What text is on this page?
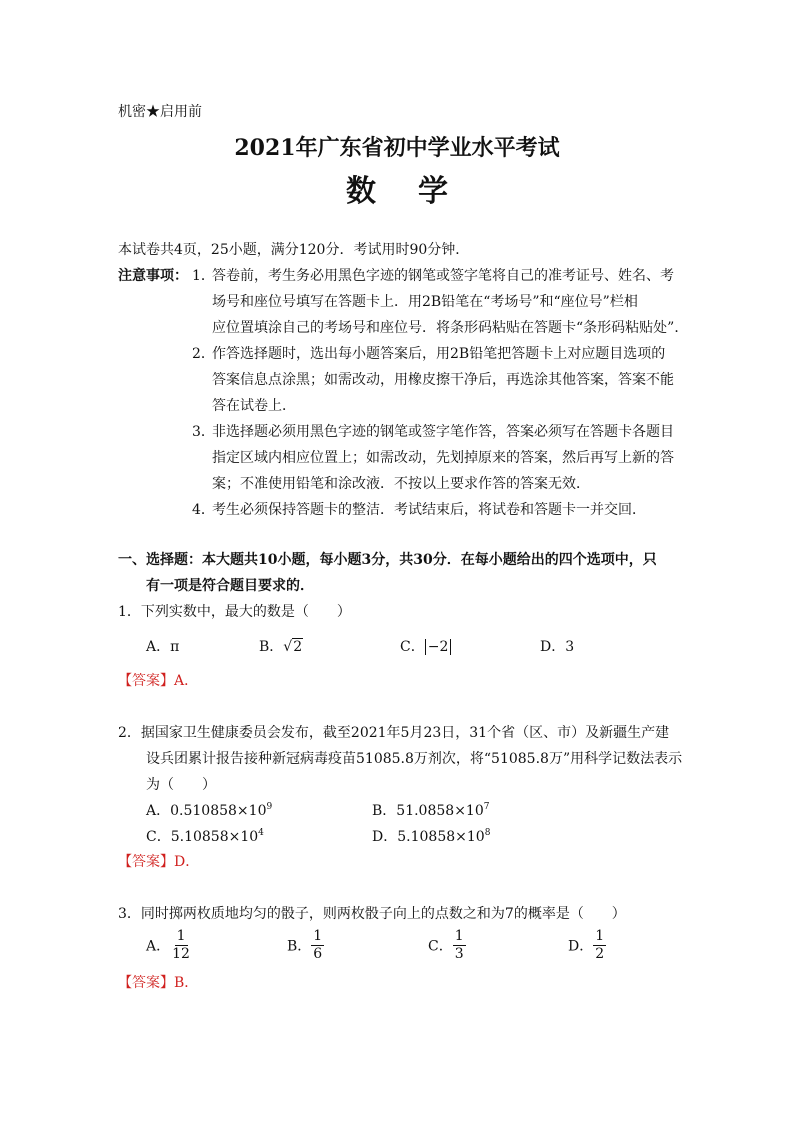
机密★启用前
2021年广东省初中学业水平考试
数学
本试卷共4页，25小题，满分120分．考试用时90分钟．
注意事项： 1．
答卷前，考生务必用黑色字迹的钢笔或签字笔将自己的准考证号、姓名、考
场号和座位号填写在答题卡上．用2B铅笔在“考场号”和“座位号”栏相
应位置填涂自己的考场号和座位号．将条形码粘贴在答题卡“条形码粘贴处”．
2．
作答选择题时，选出每小题答案后，用2B铅笔把答题卡上对应题目选项的
答案信息点涂黑；如需改动，用橡皮擦干净后，再选涂其他答案，答案不能
答在试卷上．
3．
非选择题必须用黑色字迹的钢笔或签字笔作答，答案必须写在答题卡各题目
指定区域内相应位置上；如需改动，先划掉原来的答案，然后再写上新的答
案；不准使用铅笔和涂改液．不按以上要求作答的答案无效．
4．
考生必须保持答题卡的整洁．考试结束后，将试卷和答题卡一并交回．
一、选择题：本大题共10小题，每小题3分，共30分．在每小题给出的四个选项中，只
有一项是符合题目要求的．
1．下列实数中，最大的数是（　　）
A．π	B．√2	C． −2	D．3
【答案】A．
2．据国家卫生健康委员会发布，截至2021年5月23日，31个省（区、市）及新疆生产建
设兵团累计报告接种新冠病毒疫苗51085.8万剂次，将“51085.8万”用科学记数法表示
为（　　）
A．$0.510858\times 10^9$	B．$51.0858\times 10^7$
C．$5.10858\times 10^4$	D．$5.10858\times 10^8$
【答案】D．
3．同时掷两枚质地均匀的骰子，则两枚骰子向上的点数之和为7的概率是（　　）
A． $\frac{1}{12}$	B． $\frac{1}{6}$	C． $\frac{1}{3}$	D． $\frac{1}{2}$
【答案】B．
